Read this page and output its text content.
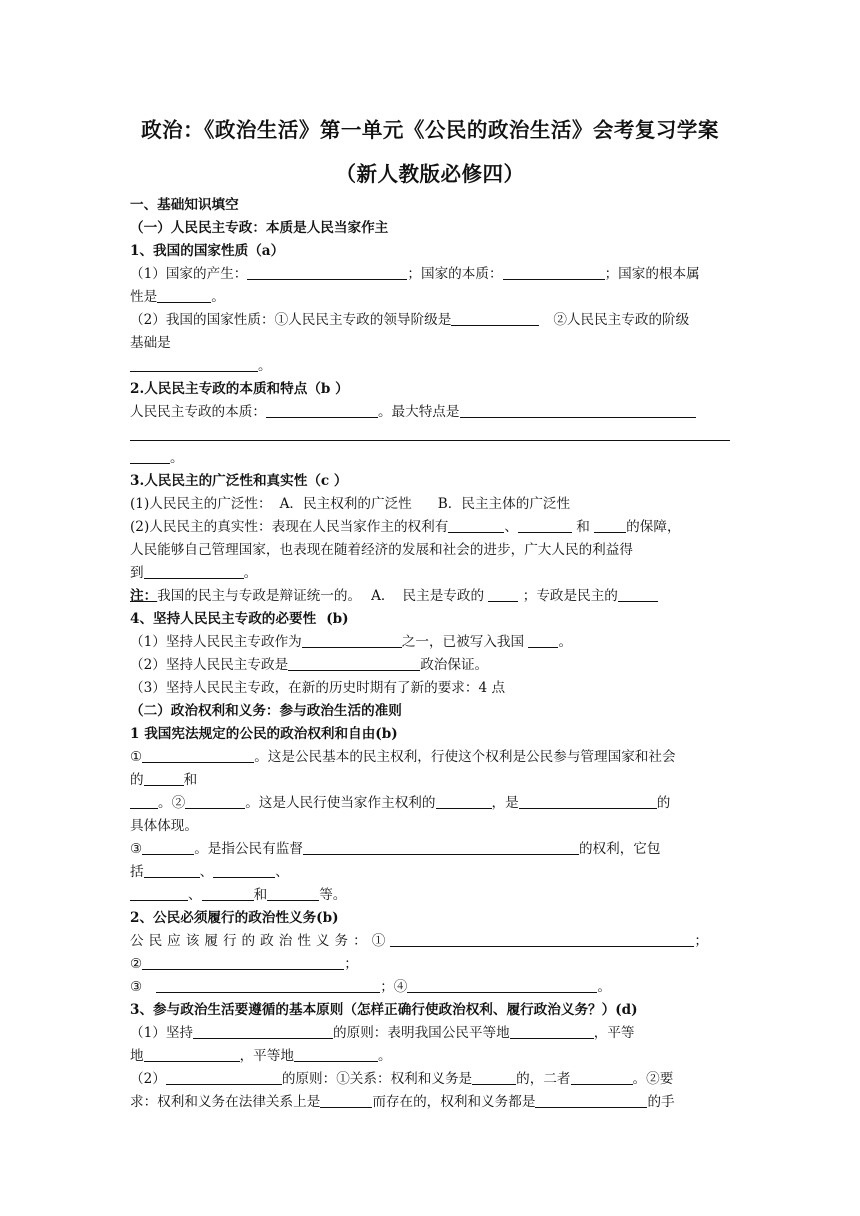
政治：《政治生活》第一单元《公民的政治生活》会考复习学案
（新人教版必修四）
一、基础知识填空
（一）人民民主专政：本质是人民当家作主
1、我国的国家性质（a）
（1）国家的产生：	；国家的本质：	；国家的根本属
性是	。
（2）我国的国家性质：①人民民主专政的领导阶级是	②人民民主专政的阶级
基础是
。
2.人民民主专政的本质和特点（b ）
人民民主专政的本质：	。最大特点是
。
3.人民民主的广泛性和真实性（c ）
(1)人民民主的广泛性： A．民主权利的广泛性 B．民主主体的广泛性
(2)人民民主的真实性：表现在人民当家作主的权利有	、	和	的保障，
人民能够自己管理国家，也表现在随着经济的发展和社会的进步，广大人民的利益得
到	。
注：我国的民主与专政是辩证统一的。 A． 民主是专政的	；专政是民主的
4、坚持人民民主专政的必要性 (b)
（1）坚持人民民主专政作为	之一，已被写入我国	。
（2）坚持人民民主专政是	政治保证。
（3）坚持人民民主专政，在新的历史时期有了新的要求：4 点
（二）政治权利和义务：参与政治生活的准则
1 我国宪法规定的公民的政治权利和自由(b)
①	。这是公民基本的民主权利，行使这个权利是公民参与管理国家和社会
的	和
。②	。这是人民行使当家作主权利的	，是	的
具体体现。
③	。是指公民有监督	的权利，它包
括	、	、
、	和	等。
2、公民必须履行的政治性义务(b)
公民应该履行的政治性义务：①	；
②	；
③	；④	。
3、参与政治生活要遵循的基本原则（怎样正确行使政治权利、履行政治义务？）(d)
（1）坚持	的原则：表明我国公民平等地	，平等
地	，平等地	。
（2）	的原则：①关系：权利和义务是	的，二者	。②要
求：权利和义务在法律关系上是	而存在的，权利和义务都是	的手
